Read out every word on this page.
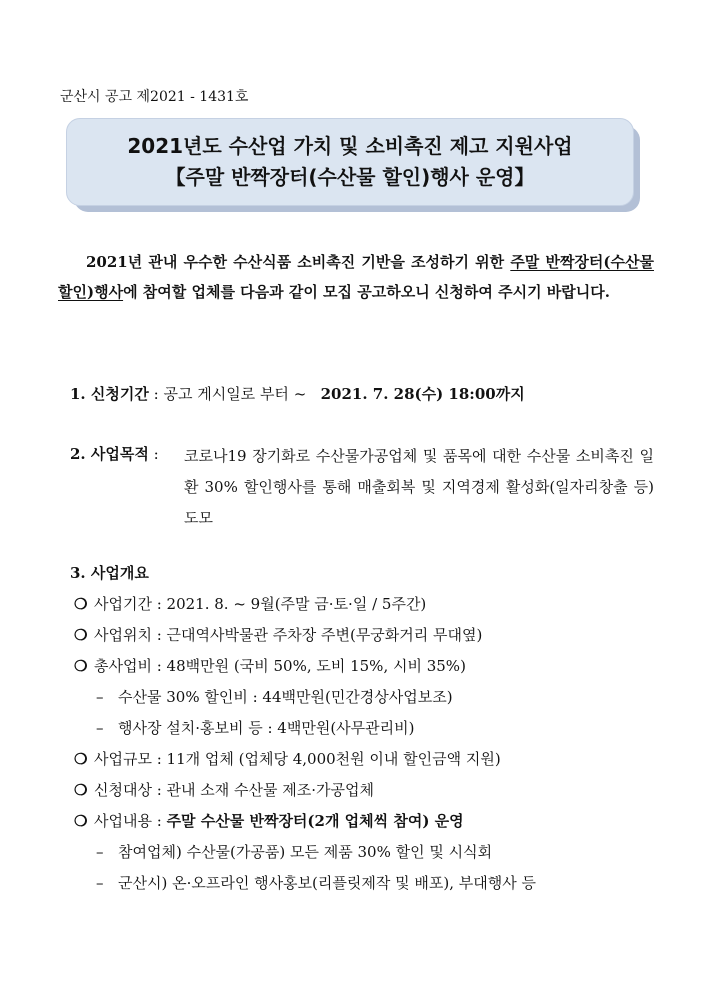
군산시 공고 제2021 - 1431호
2021년도 수산업 가치 및 소비촉진 제고 지원사업
【주말 반짝장터(수산물 할인)행사 운영】
2021년 관내 우수한 수산식품 소비촉진 기반을 조성하기 위한 주말 반짝장터(수산물 할인)행사에 참여할 업체를 다음과 같이 모집 공고하오니 신청하여 주시기 바랍니다.
1. 신청기간 : 공고 게시일로 부터 ~ 2021. 7. 28(수) 18:00까지
2. 사업목적 : 코로나19 장기화로 수산물가공업체 및 품목에 대한 수산물 소비촉진 일환 30% 할인행사를 통해 매출회복 및 지역경제 활성화(일자리창출 등) 도모
3. 사업개요
❍ 사업기간 : 2021. 8. ~ 9월(주말 금·토·일 / 5주간)
❍ 사업위치 : 근대역사박물관 주차장 주변(무궁화거리 무대옆)
❍ 총사업비 : 48백만원 (국비 50%, 도비 15%, 시비 35%)
– 수산물 30% 할인비 : 44백만원(민간경상사업보조)
– 행사장 설치·홍보비 등 : 4백만원(사무관리비)
❍ 사업규모 : 11개 업체 (업체당 4,000천원 이내 할인금액 지원)
❍ 신청대상 : 관내 소재 수산물 제조·가공업체
❍ 사업내용 : 주말 수산물 반짝장터(2개 업체씩 참여) 운영
– 참여업체) 수산물(가공품) 모든 제품 30% 할인 및 시식회
– 군산시) 온·오프라인 행사홍보(리플릿제작 및 배포), 부대행사 등
